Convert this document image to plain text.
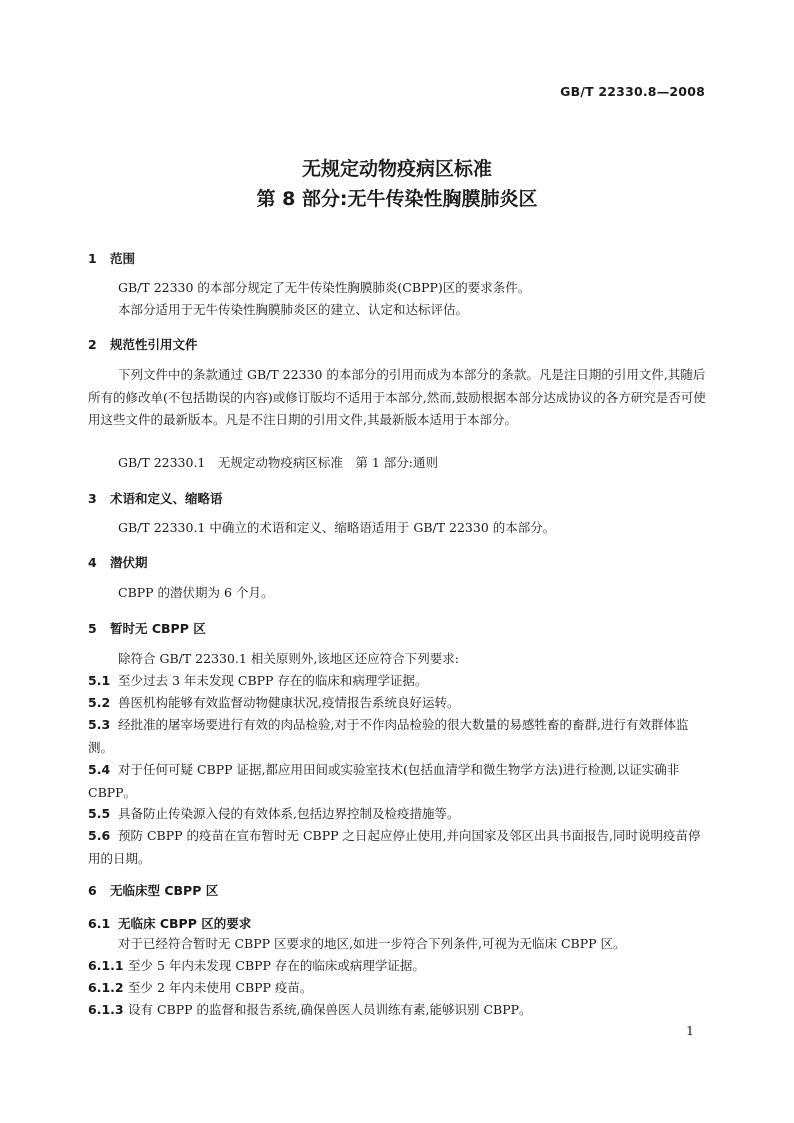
GB/T 22330.8—2008
无规定动物疫病区标准
第 8 部分:无牛传染性胸膜肺炎区
1 范围
GB/T 22330 的本部分规定了无牛传染性胸膜肺炎(CBPP)区的要求条件。
本部分适用于无牛传染性胸膜肺炎区的建立、认定和达标评估。
2 规范性引用文件
下列文件中的条款通过 GB/T 22330 的本部分的引用而成为本部分的条款。凡是注日期的引用文件,其随后所有的修改单(不包括勘误的内容)或修订版均不适用于本部分,然而,鼓励根据本部分达成协议的各方研究是否可使用这些文件的最新版本。凡是不注日期的引用文件,其最新版本适用于本部分。
GB/T 22330.1　无规定动物疫病区标准　第 1 部分:通则
3 术语和定义、缩略语
GB/T 22330.1 中确立的术语和定义、缩略语适用于 GB/T 22330 的本部分。
4 潜伏期
CBPP 的潜伏期为 6 个月。
5 暂时无 CBPP 区
除符合 GB/T 22330.1 相关原则外,该地区还应符合下列要求:
5.1 至少过去 3 年未发现 CBPP 存在的临床和病理学证据。
5.2 兽医机构能够有效监督动物健康状况,疫情报告系统良好运转。
5.3 经批准的屠宰场要进行有效的肉品检验,对于不作肉品检验的很大数量的易感牲畜的畜群,进行有效群体监测。
5.4 对于任何可疑 CBPP 证据,都应用田间或实验室技术(包括血清学和微生物学方法)进行检测,以证实确非 CBPP。
5.5 具备防止传染源入侵的有效体系,包括边界控制及检疫措施等。
5.6 预防 CBPP 的疫苗在宣布暂时无 CBPP 之日起应停止使用,并向国家及邻区出具书面报告,同时说明疫苗停用的日期。
6 无临床型 CBPP 区
6.1 无临床 CBPP 区的要求
对于已经符合暂时无 CBPP 区要求的地区,如进一步符合下列条件,可视为无临床 CBPP 区。
6.1.1 至少 5 年内未发现 CBPP 存在的临床或病理学证据。
6.1.2 至少 2 年内未使用 CBPP 疫苗。
6.1.3 设有 CBPP 的监督和报告系统,确保兽医人员训练有素,能够识别 CBPP。
1
